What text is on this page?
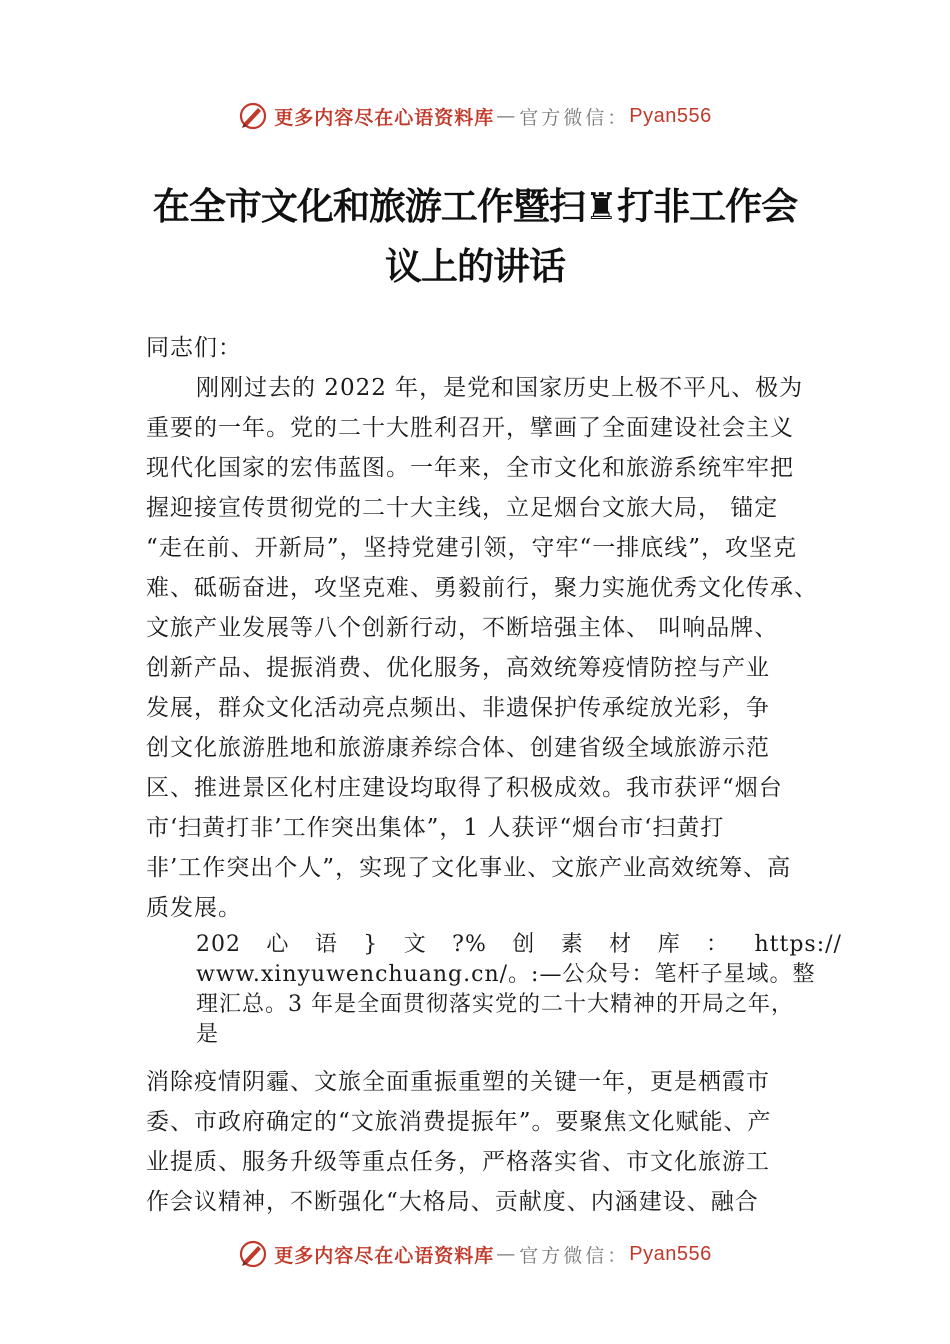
更多内容尽在心语资料库 — 官方微信： Pyan556
在全市文化和旅游工作暨扫♜打非工作会
议上的讲话
同志们：
刚刚过去的 2022 年，是党和国家历史上极不平凡、极为
重要的一年。党的二十大胜利召开，擘画了全面建设社会主义
现代化国家的宏伟蓝图。一年来，全市文化和旅游系统牢牢把
握迎接宣传贯彻党的二十大主线，立足烟台文旅大局， 锚定
“走在前、开新局”，坚持党建引领，守牢“一排底线”，攻坚克
难、砥砺奋进，攻坚克难、勇毅前行，聚力实施优秀文化传承、
文旅产业发展等八个创新行动，不断培强主体、 叫响品牌、
创新产品、提振消费、优化服务，高效统筹疫情防控与产业
发展，群众文化活动亮点频出、非遗保护传承绽放光彩，争
创文化旅游胜地和旅游康养综合体、创建省级全域旅游示范
区、推进景区化村庄建设均取得了积极成效。我市获评“烟台
市‘扫黄打非’工作突出集体”，1 人获评“烟台市‘扫黄打
非’工作突出个人”，实现了文化事业、文旅产业高效统筹、高
质发展。
202 心 语 } 文 ?% 创 素 材 库 ： https://
www.xinyuwenchuang.cn/。:—公众号：笔杆子星域。整
理汇总。3 年是全面贯彻落实党的二十大精神的开局之年，
是
消除疫情阴霾、文旅全面重振重塑的关键一年，更是栖霞市
委、市政府确定的“文旅消费提振年”。要聚焦文化赋能、产
业提质、服务升级等重点任务，严格落实省、市文化旅游工
作会议精神，不断强化“大格局、贡献度、内涵建设、融合
更多内容尽在心语资料库 — 官方微信： Pyan556
